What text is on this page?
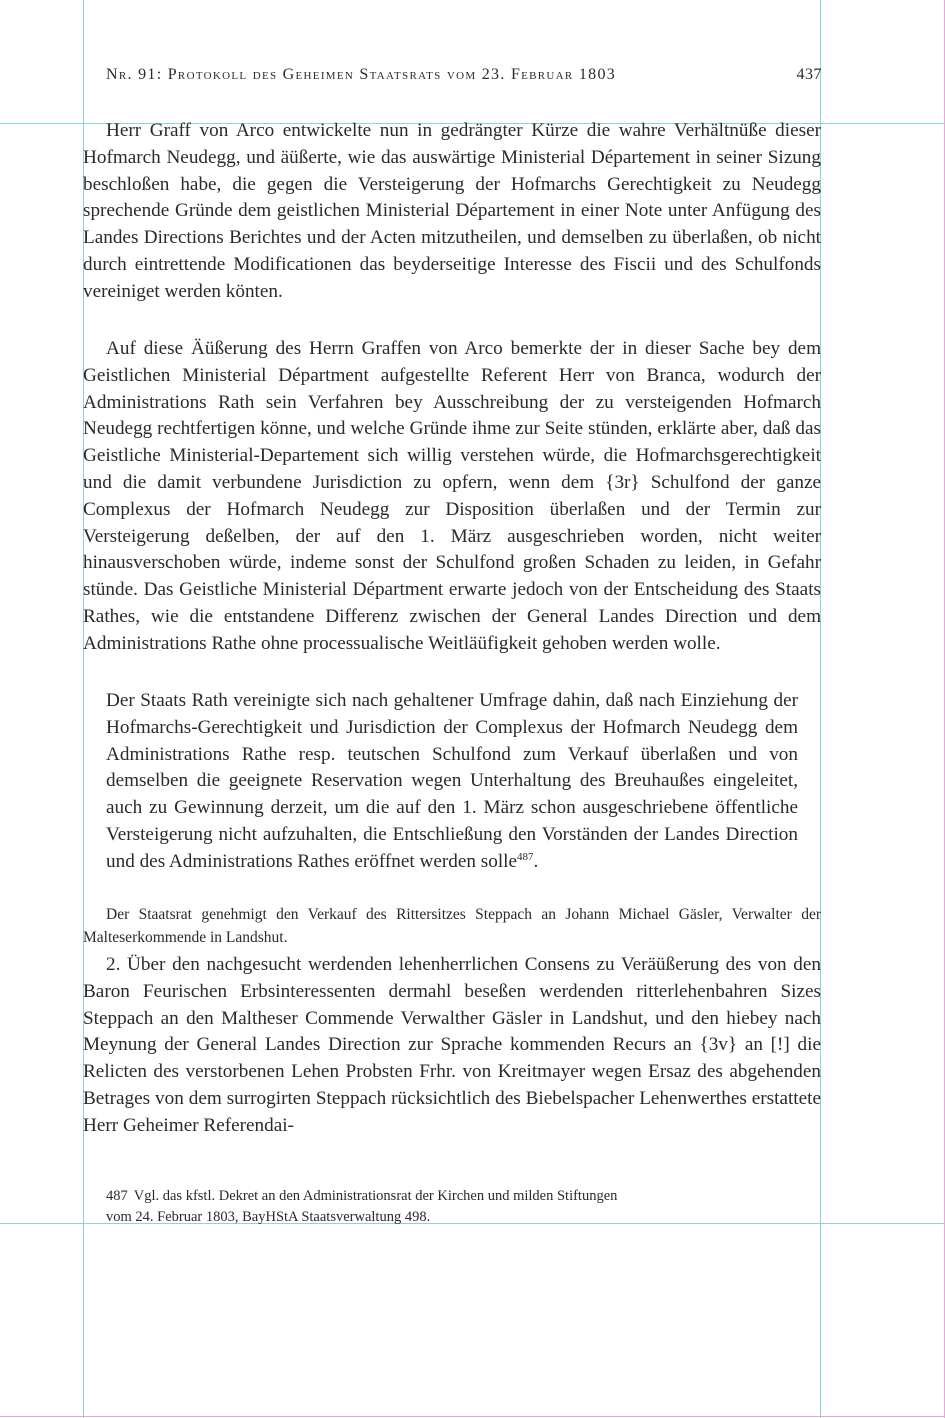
Nr. 91: Protokoll des Geheimen Staatsrats vom 23. Februar 1803	437

Herr Graff von Arco entwickelte nun in gedrängter Kürze die wahre Verhältnüße dieser Hofmarch Neudegg, und äüßerte, wie das auswärtige Ministerial Département in seiner Sizung beschloßen habe, die gegen die Versteigerung der Hofmarchs Gerechtigkeit zu Neudegg sprechende Gründe dem geistlichen Ministerial Département in einer Note unter Anfügung des Landes Directions Berichtes und der Acten mitzutheilen, und demselben zu überlaßen, ob nicht durch eintrettende Modificationen das beyderseitige Interesse des Fiscii und des Schulfonds vereiniget werden könten.

Auf diese Äüßerung des Herrn Graffen von Arco bemerkte der in dieser Sache bey dem Geistlichen Ministerial Départment aufgestellte Referent Herr von Branca, wodurch der Administrations Rath sein Verfahren bey Ausschreibung der zu versteigenden Hofmarch Neudegg rechtfertigen könne, und welche Gründe ihme zur Seite stünden, erklärte aber, daß das Geistliche Ministerial-Departement sich willig verstehen würde, die Hofmarchsgerechtigkeit und die damit verbundene Jurisdiction zu opfern, wenn dem {3r} Schulfond der ganze Complexus der Hofmarch Neudegg zur Disposition überlaßen und der Termin zur Versteigerung deßelben, der auf den 1. März ausgeschrieben worden, nicht weiter hinausverschoben würde, indeme sonst der Schulfond großen Schaden zu leiden, in Gefahr stünde. Das Geistliche Ministerial Départment erwarte jedoch von der Entscheidung des Staats Rathes, wie die entstandene Differenz zwischen der General Landes Direction und dem Administrations Rathe ohne processualische Weitläüfigkeit gehoben werden wolle.

Der Staats Rath vereinigte sich nach gehaltener Umfrage dahin, daß nach Einziehung der Hofmarchs-Gerechtigkeit und Jurisdiction der Complexus der Hofmarch Neudegg dem Administrations Rathe resp. teutschen Schulfond zum Verkauf überlaßen und von demselben die geeignete Reservation wegen Unterhaltung des Breuhaußes eingeleitet, auch zu Gewinnung derzeit, um die auf den 1. März schon ausgeschriebene öffentliche Versteigerung nicht aufzuhalten, die Entschließung den Vorständen der Landes Direction und des Administrations Rathes eröffnet werden solle$^{487}$.

Der Staatsrat genehmigt den Verkauf des Rittersitzes Steppach an Johann Michael Gäsler, Verwalter der Malteserkommende in Landshut.

2. Über den nachgesucht werdenden lehenherrlichen Consens zu Veräüßerung des von den Baron Feurischen Erbsinteressenten dermahl beseßen werdenden ritterlehenbahren Sizes Steppach an den Maltheser Commende Verwalther Gäsler in Landshut, und den hiebey nach Meynung der General Landes Direction zur Sprache kommenden Recurs an {3v} an [!] die Relicten des verstorbenen Lehen Probsten Frhr. von Kreitmayer wegen Ersaz des abgehenden Betrages von dem surrogirten Steppach rücksichtlich des Biebelspacher Lehenwerthes erstattete Herr Geheimer Referendai-

487 Vgl. das kfstl. Dekret an den Administrationsrat der Kirchen und milden Stiftungen vom 24. Februar 1803, BayHStA Staatsverwaltung 498.
